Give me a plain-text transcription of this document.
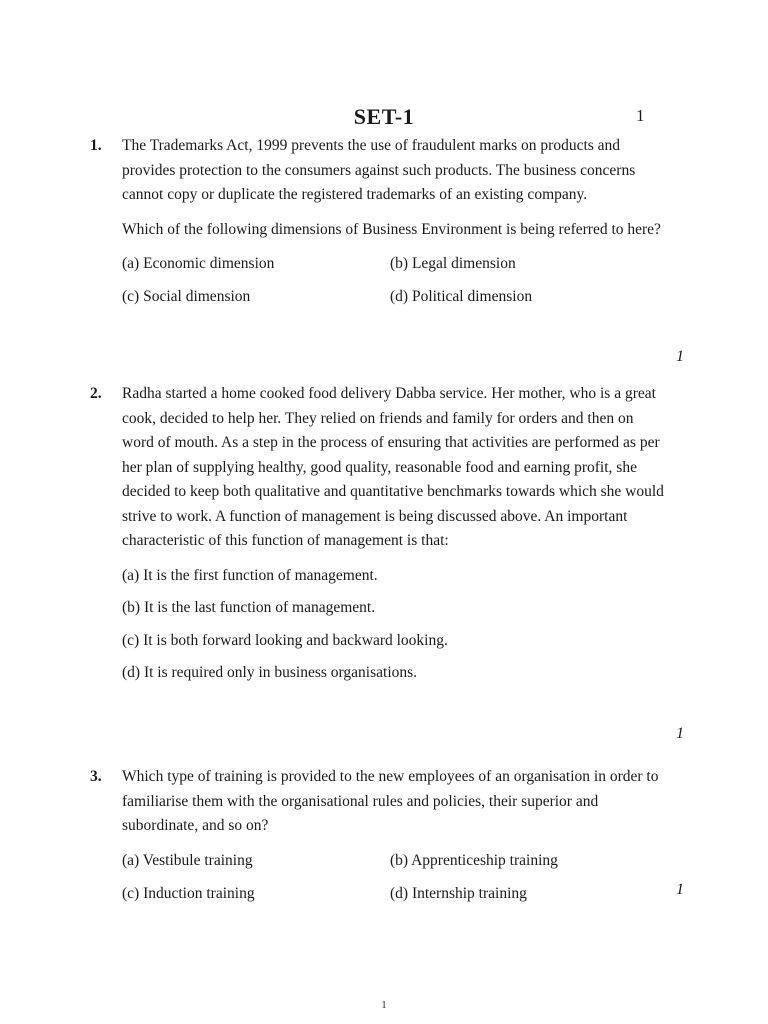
SET-1	1
1. The Trademarks Act, 1999 prevents the use of fraudulent marks on products and provides protection to the consumers against such products. The business concerns cannot copy or duplicate the registered trademarks of an existing company.

Which of the following dimensions of Business Environment is being referred to here?

(a) Economic dimension	(b) Legal dimension
(c) Social dimension	(d) Political dimension
1
2. Radha started a home cooked food delivery Dabba service. Her mother, who is a great cook, decided to help her. They relied on friends and family for orders and then on word of mouth. As a step in the process of ensuring that activities are performed as per her plan of supplying healthy, good quality, reasonable food and earning profit, she decided to keep both qualitative and quantitative benchmarks towards which she would strive to work. A function of management is being discussed above. An important characteristic of this function of management is that:

(a) It is the first function of management.
(b) It is the last function of management.
(c) It is both forward looking and backward looking.
(d) It is required only in business organisations.
1
3. Which type of training is provided to the new employees of an organisation in order to familiarise them with the organisational rules and policies, their superior and subordinate, and so on?

(a) Vestibule training	(b) Apprenticeship training
(c) Induction training	(d) Internship training	1
1
